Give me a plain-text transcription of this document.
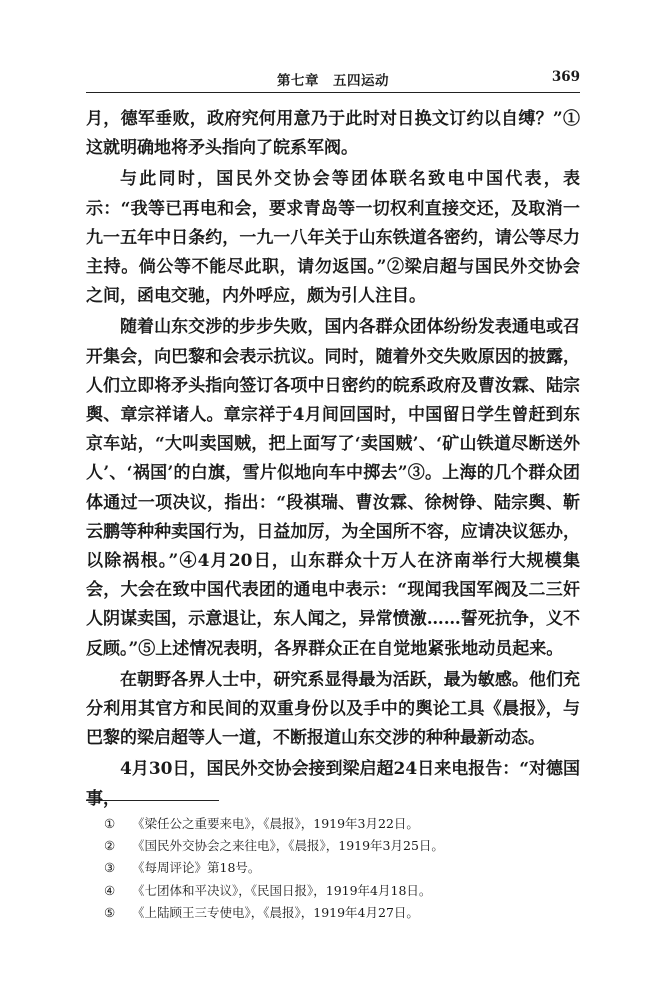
第七章　五四运动	369

月，德军垂败，政府究何用意乃于此时对日换文订约以自缚？”①这就明确地将矛头指向了皖系军阀。

与此同时，国民外交协会等团体联名致电中国代表，表示：“我等已再电和会，要求青岛等一切权利直接交还，及取消一九一五年中日条约，一九一八年关于山东铁道各密约，请公等尽力主持。倘公等不能尽此职，请勿返国。”②梁启超与国民外交协会之间，函电交驰，内外呼应，颇为引人注目。

随着山东交涉的步步失败，国内各群众团体纷纷发表通电或召开集会，向巴黎和会表示抗议。同时，随着外交失败原因的披露，人们立即将矛头指向签订各项中日密约的皖系政府及曹汝霖、陆宗舆、章宗祥诸人。章宗祥于4月间回国时，中国留日学生曾赶到东京车站，“大叫卖国贼，把上面写了‘卖国贼’、‘矿山铁道尽断送外人’、‘祸国’的白旗，雪片似地向车中掷去”③。上海的几个群众团体通过一项决议，指出：“段祺瑞、曹汝霖、徐树铮、陆宗舆、靳云鹏等种种卖国行为，日益加厉，为全国所不容，应请决议惩办，以除祸根。”④4月20日，山东群众十万人在济南举行大规模集会，大会在致中国代表团的通电中表示：“现闻我国军阀及二三奸人阴谋卖国，示意退让，东人闻之，异常愤激……誓死抗争，义不反顾。”⑤上述情况表明，各界群众正在自觉地紧张地动员起来。

在朝野各界人士中，研究系显得最为活跃，最为敏感。他们充分利用其官方和民间的双重身份以及手中的舆论工具《晨报》，与巴黎的梁启超等人一道，不断报道山东交涉的种种最新动态。

4月30日，国民外交协会接到梁启超24日来电报告：“对德国事，

① 《梁任公之重要来电》，《晨报》，1919年3月22日。
② 《国民外交协会之来往电》，《晨报》，1919年3月25日。
③ 《每周评论》第18号。
④ 《七团体和平决议》，《民国日报》，1919年4月18日。
⑤ 《上陆顾王三专使电》，《晨报》，1919年4月27日。
